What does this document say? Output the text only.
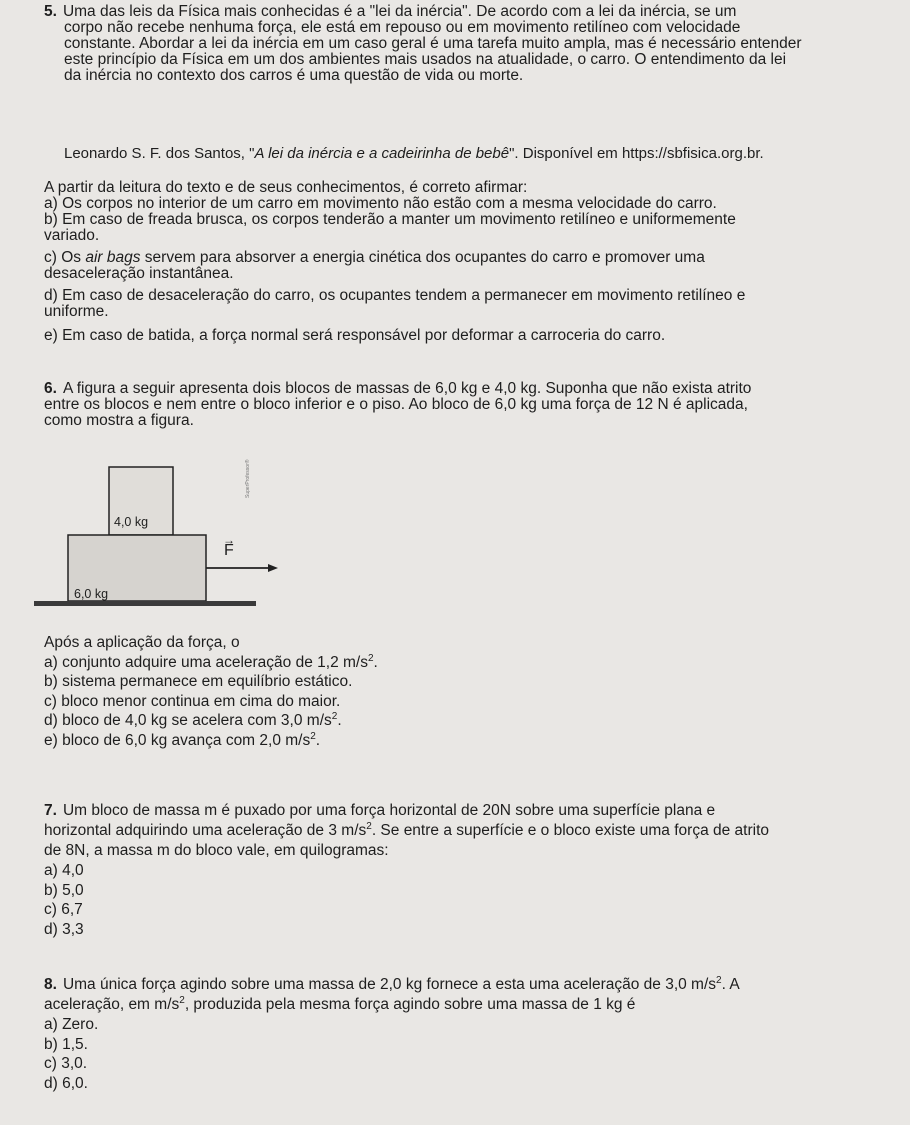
5. Uma das leis da Física mais conhecidas é a "lei da inércia". De acordo com a lei da inércia, se um
corpo não recebe nenhuma força, ele está em repouso ou em movimento retilíneo com velocidade
constante. Abordar a lei da inércia em um caso geral é uma tarefa muito ampla, mas é necessário entender
este princípio da Física em um dos ambientes mais usados na atualidade, o carro. O entendimento da lei
da inércia no contexto dos carros é uma questão de vida ou morte.
Leonardo S. F. dos Santos, "A lei da inércia e a cadeirinha de bebê". Disponível em https://sbfisica.org.br.
A partir da leitura do texto e de seus conhecimentos, é correto afirmar:
a) Os corpos no interior de um carro em movimento não estão com a mesma velocidade do carro.
b) Em caso de freada brusca, os corpos tenderão a manter um movimento retilíneo e uniformemente
variado.
c) Os air bags servem para absorver a energia cinética dos ocupantes do carro e promover uma
desaceleração instantânea.
d) Em caso de desaceleração do carro, os ocupantes tendem a permanecer em movimento retilíneo e
uniforme.
e) Em caso de batida, a força normal será responsável por deformar a carroceria do carro.
6. A figura a seguir apresenta dois blocos de massas de 6,0 kg e 4,0 kg. Suponha que não exista atrito
entre os blocos e nem entre o bloco inferior e o piso. Ao bloco de 6,0 kg uma força de 12 N é aplicada,
como mostra a figura.
4,0 kg
6,0 kg
F
→
SuperProfessor®
Após a aplicação da força, o
a) conjunto adquire uma aceleração de 1,2 $m/s^2$.
b) sistema permanece em equilíbrio estático.
c) bloco menor continua em cima do maior.
d) bloco de 4,0 kg se acelera com 3,0 $m/s^2$.
e) bloco de 6,0 kg avança com 2,0 $m/s^2$.
7. Um bloco de massa m é puxado por uma força horizontal de 20N sobre uma superfície plana e
horizontal adquirindo uma aceleração de 3 $m/s^2$. Se entre a superfície e o bloco existe uma força de atrito
de 8N, a massa m do bloco vale, em quilogramas:
a) 4,0
b) 5,0
c) 6,7
d) 3,3
8. Uma única força agindo sobre uma massa de 2,0 kg fornece a esta uma aceleração de 3,0 $m/s^2$. A
aceleração, em $m/s^2$, produzida pela mesma força agindo sobre uma massa de 1 kg é
a) Zero.
b) 1,5.
c) 3,0.
d) 6,0.
